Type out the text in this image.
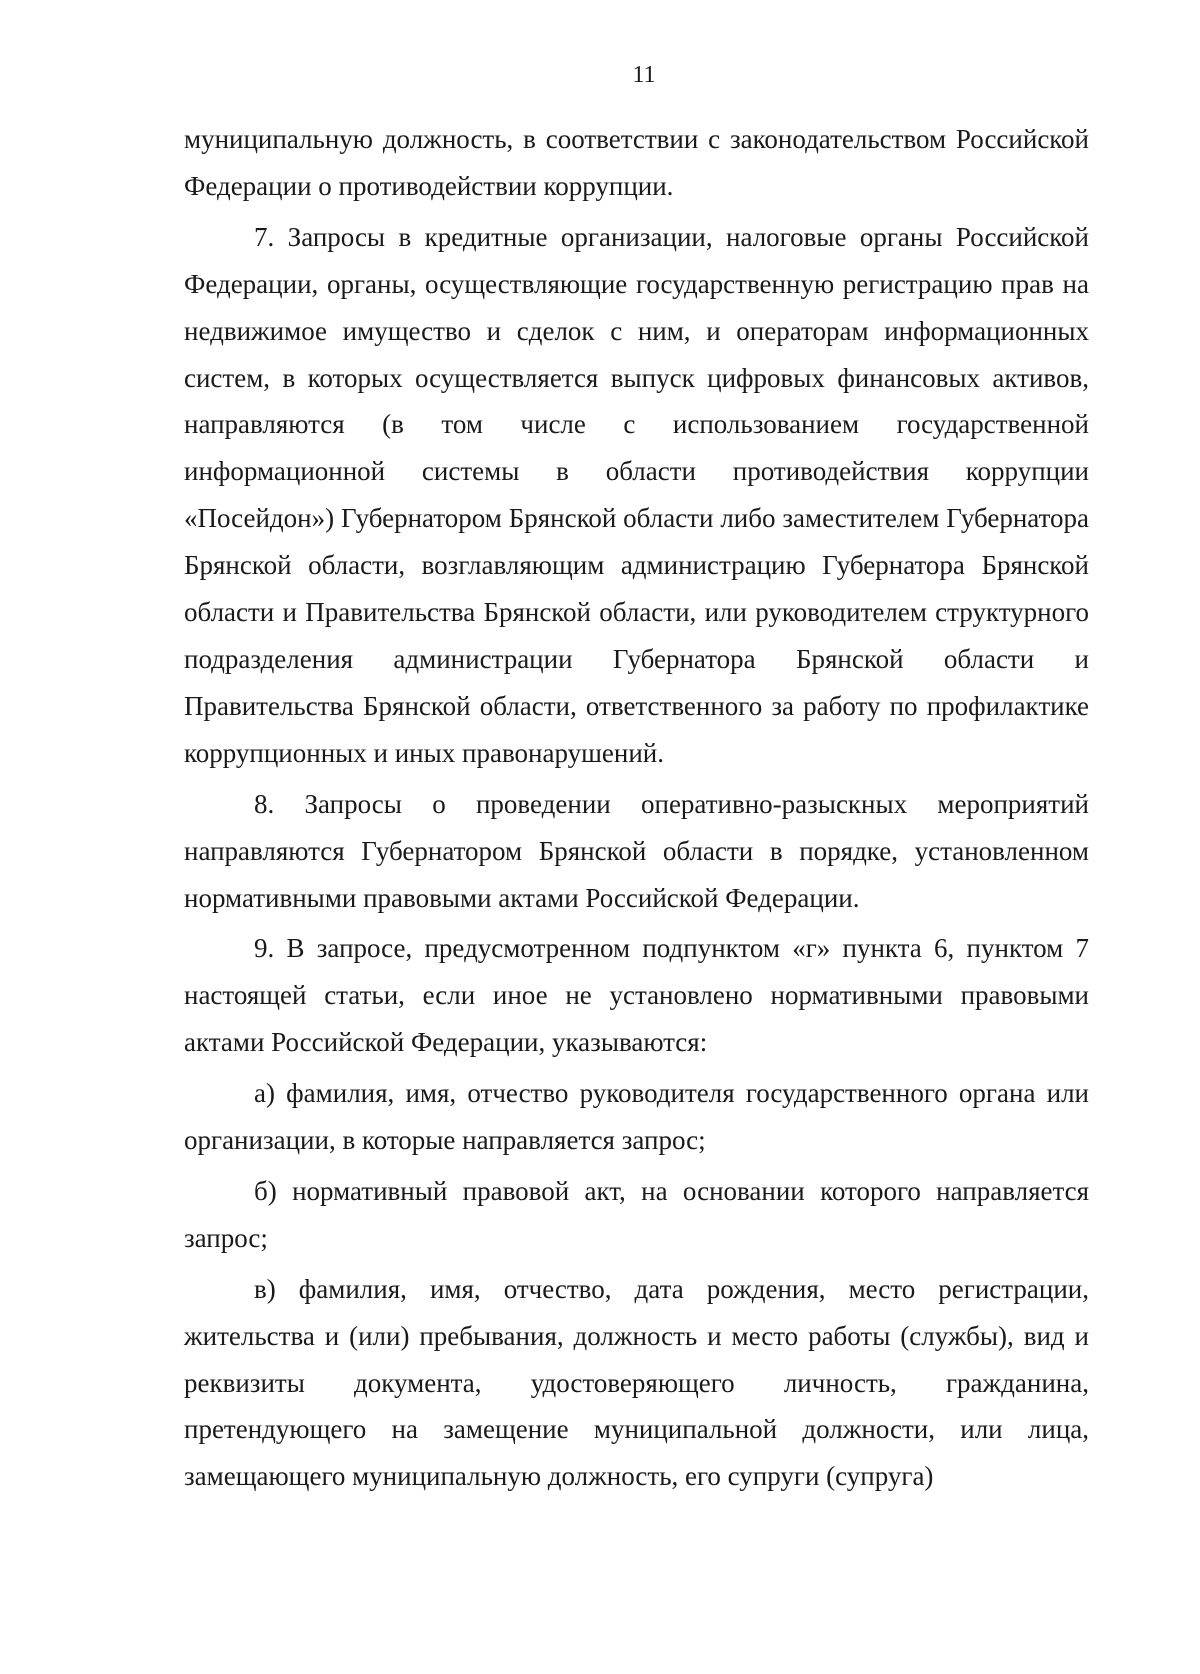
11

муниципальную должность, в соответствии с законодательством Российской Федерации о противодействии коррупции.

7. Запросы в кредитные организации, налоговые органы Российской Федерации, органы, осуществляющие государственную регистрацию прав на недвижимое имущество и сделок с ним, и операторам информационных систем, в которых осуществляется выпуск цифровых финансовых активов, направляются (в том числе с использованием государственной информационной системы в области противодействия коррупции «Посейдон») Губернатором Брянской области либо заместителем Губернатора Брянской области, возглавляющим администрацию Губернатора Брянской области и Правительства Брянской области, или руководителем структурного подразделения администрации Губернатора Брянской области и Правительства Брянской области, ответственного за работу по профилактике коррупционных и иных правонарушений.

8. Запросы о проведении оперативно-разыскных мероприятий направляются Губернатором Брянской области в порядке, установленном нормативными правовыми актами Российской Федерации.

9. В запросе, предусмотренном подпунктом «г» пункта 6, пунктом 7 настоящей статьи, если иное не установлено нормативными правовыми актами Российской Федерации, указываются:

а) фамилия, имя, отчество руководителя государственного органа или организации, в которые направляется запрос;

б) нормативный правовой акт, на основании которого направляется запрос;

в) фамилия, имя, отчество, дата рождения, место регистрации, жительства и (или) пребывания, должность и место работы (службы), вид и реквизиты документа, удостоверяющего личность, гражданина, претендующего на замещение муниципальной должности, или лица, замещающего муниципальную должность, его супруги (супруга)
